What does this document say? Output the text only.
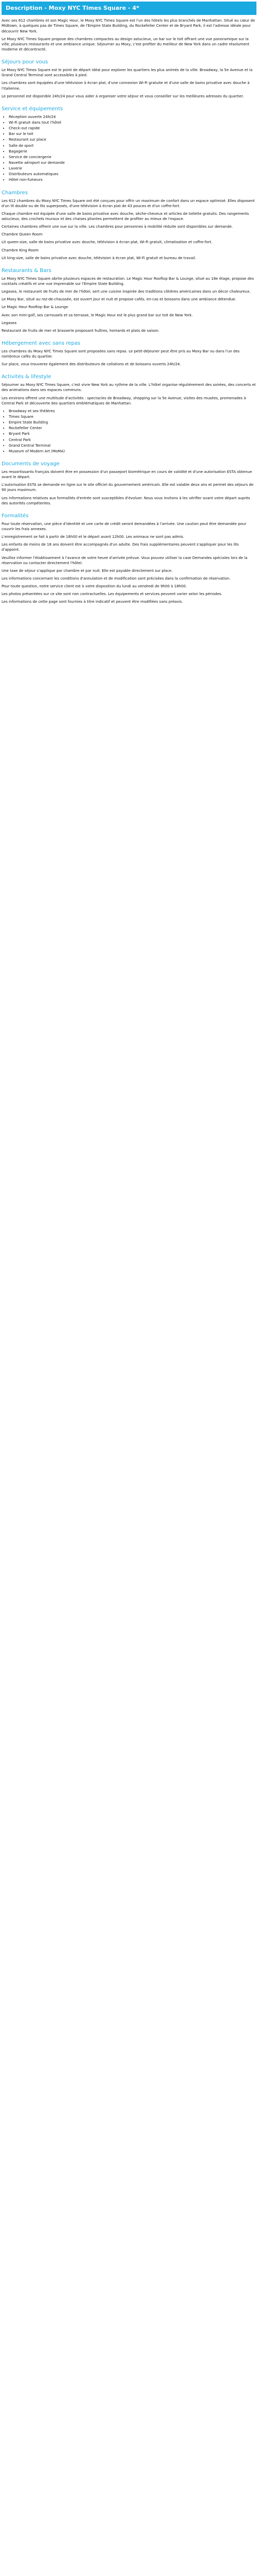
Description - Moxy NYC Times Square - 4*

Avec ses 612 chambres et son Magic Hour, le Moxy NYC Times Square est l'un des hôtels les plus branchés de Manhattan. Situé au cœur de Midtown, à quelques pas de Times Square, de l'Empire State Building, du Rockefeller Center et de Bryant Park, il est l'adresse idéale pour découvrir New York.

Le Moxy NYC Times Square propose des chambres compactes au design astucieux, un bar sur le toit offrant une vue panoramique sur la ville, plusieurs restaurants et une ambiance unique. Séjourner au Moxy, c'est profiter du meilleur de New York dans un cadre résolument moderne et décontracté.

Séjours pour vous

Le Moxy NYC Times Square est le point de départ idéal pour explorer les quartiers les plus animés de la ville. Broadway, la 5e Avenue et la Grand Central Terminal sont accessibles à pied.

Les chambres sont équipées d'une télévision à écran plat, d'une connexion Wi-Fi gratuite et d'une salle de bains privative avec douche à l'italienne.

Le personnel est disponible 24h/24 pour vous aider à organiser votre séjour et vous conseiller sur les meilleures adresses du quartier.

Service et équipements
• Réception ouverte 24h/24
• Wi-Fi gratuit dans tout l'hôtel
• Check-out rapide
• Bar sur le toit
• Restaurant sur place
• Salle de sport
• Bagagerie
• Service de conciergerie
• Navette aéroport sur demande
• Laverie
• Distributeurs automatiques
• Hôtel non-fumeurs
Chambres

Les 612 chambres du Moxy NYC Times Square ont été conçues pour offrir un maximum de confort dans un espace optimisé. Elles disposent d'un lit double ou de lits superposés, d'une télévision à écran plat de 43 pouces et d'un coffre-fort.

Chaque chambre est équipée d'une salle de bains privative avec douche, sèche-cheveux et articles de toilette gratuits. Des rangements astucieux, des crochets muraux et des chaises pliantes permettent de profiter au mieux de l'espace.

Certaines chambres offrent une vue sur la ville. Les chambres pour personnes à mobilité réduite sont disponibles sur demande.

Chambre Queen Room

Lit queen-size, salle de bains privative avec douche, télévision à écran plat, Wi-Fi gratuit, climatisation et coffre-fort.

Chambre King Room

Lit king-size, salle de bains privative avec douche, télévision à écran plat, Wi-Fi gratuit et bureau de travail.

Restaurants & Bars

Le Moxy NYC Times Square abrite plusieurs espaces de restauration. Le Magic Hour Rooftop Bar & Lounge, situé au 18e étage, propose des cocktails créatifs et une vue imprenable sur l'Empire State Building.

Legasea, le restaurant de fruits de mer de l'hôtel, sert une cuisine inspirée des traditions côtières américaines dans un décor chaleureux.

Le Moxy Bar, situé au rez-de-chaussée, est ouvert jour et nuit et propose cafés, en-cas et boissons dans une ambiance détendue.

Le Magic Hour Rooftop Bar & Lounge

Avec son mini-golf, ses carrousels et sa terrasse, le Magic Hour est le plus grand bar sur toit de New York.

Legasea

Restaurant de fruits de mer et brasserie proposant huîtres, homards et plats de saison.

Hébergement avec sans repas

Les chambres du Moxy NYC Times Square sont proposées sans repas. Le petit-déjeuner peut être pris au Moxy Bar ou dans l'un des nombreux cafés du quartier.

Sur place, vous trouverez également des distributeurs de collations et de boissons ouverts 24h/24.

Activités & lifestyle

Séjourner au Moxy NYC Times Square, c'est vivre New York au rythme de la ville. L'hôtel organise régulièrement des soirées, des concerts et des animations dans ses espaces communs.

Les environs offrent une multitude d'activités : spectacles de Broadway, shopping sur la 5e Avenue, visites des musées, promenades à Central Park et découverte des quartiers emblématiques de Manhattan.

• Broadway et ses théâtres
• Times Square
• Empire State Building
• Rockefeller Center
• Bryant Park
• Central Park
• Grand Central Terminal
• Museum of Modern Art (MoMA)
Documents de voyage

Les ressortissants français doivent être en possession d'un passeport biométrique en cours de validité et d'une autorisation ESTA obtenue avant le départ.

L'autorisation ESTA se demande en ligne sur le site officiel du gouvernement américain. Elle est valable deux ans et permet des séjours de 90 jours maximum.

Les informations relatives aux formalités d'entrée sont susceptibles d'évoluer. Nous vous invitons à les vérifier avant votre départ auprès des autorités compétentes.

Formalités

Pour toute réservation, une pièce d'identité et une carte de crédit seront demandées à l'arrivée. Une caution peut être demandée pour couvrir les frais annexes.

L'enregistrement se fait à partir de 16h00 et le départ avant 12h00. Les animaux ne sont pas admis.

Les enfants de moins de 18 ans doivent être accompagnés d'un adulte. Des frais supplémentaires peuvent s'appliquer pour les lits d'appoint.

Veuillez informer l'établissement à l'avance de votre heure d'arrivée prévue. Vous pouvez utiliser la case Demandes spéciales lors de la réservation ou contacter directement l'hôtel.

Une taxe de séjour s'applique par chambre et par nuit. Elle est payable directement sur place.

Les informations concernant les conditions d'annulation et de modification sont précisées dans la confirmation de réservation.

Pour toute question, notre service client est à votre disposition du lundi au vendredi de 9h00 à 18h00.

Les photos présentées sur ce site sont non contractuelles. Les équipements et services peuvent varier selon les périodes.

Les informations de cette page sont fournies à titre indicatif et peuvent être modifiées sans préavis.
